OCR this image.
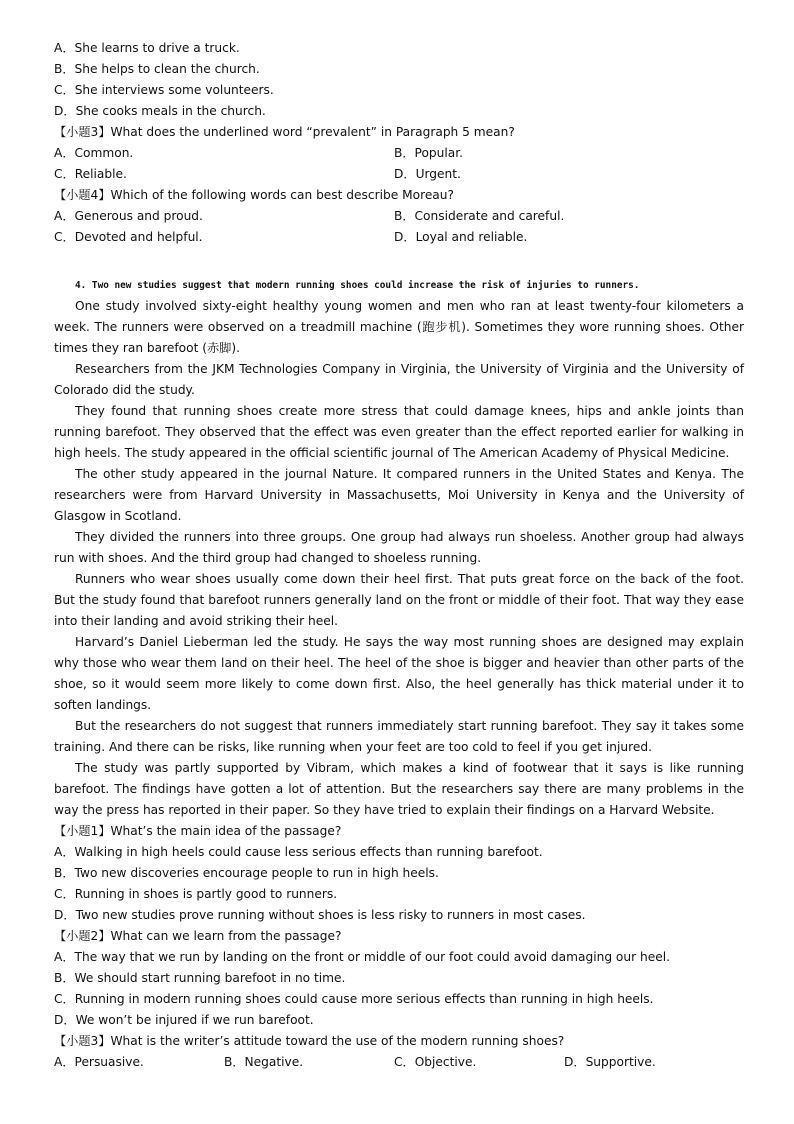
A．She learns to drive a truck.
B．She helps to clean the church.
C．She interviews some volunteers.
D．She cooks meals in the church.
【小题3】What does the underlined word “prevalent” in Paragraph 5 mean?
A．Common.	B．Popular.
C．Reliable.	D．Urgent.
【小题4】Which of the following words can best describe Moreau?
A．Generous and proud.	B．Considerate and careful.
C．Devoted and helpful.	D．Loyal and reliable.
4. Two new studies suggest that modern running shoes could increase the risk of injuries to runners.

One study involved sixty-eight healthy young women and men who ran at least twenty-four kilometers a week. The runners were observed on a treadmill machine (跑步机). Sometimes they wore running shoes. Other times they ran barefoot (赤脚).

Researchers from the JKM Technologies Company in Virginia, the University of Virginia and the University of Colorado did the study.

They found that running shoes create more stress that could damage knees, hips and ankle joints than running barefoot. They observed that the effect was even greater than the effect reported earlier for walking in high heels. The study appeared in the official scientific journal of The American Academy of Physical Medicine.

The other study appeared in the journal Nature. It compared runners in the United States and Kenya. The researchers were from Harvard University in Massachusetts, Moi University in Kenya and the University of Glasgow in Scotland.

They divided the runners into three groups. One group had always run shoeless. Another group had always run with shoes. And the third group had changed to shoeless running.

Runners who wear shoes usually come down their heel first. That puts great force on the back of the foot. But the study found that barefoot runners generally land on the front or middle of their foot. That way they ease into their landing and avoid striking their heel.

Harvard’s Daniel Lieberman led the study. He says the way most running shoes are designed may explain why those who wear them land on their heel. The heel of the shoe is bigger and heavier than other parts of the shoe, so it would seem more likely to come down first. Also, the heel generally has thick material under it to soften landings.

But the researchers do not suggest that runners immediately start running barefoot. They say it takes some training. And there can be risks, like running when your feet are too cold to feel if you get injured.

The study was partly supported by Vibram, which makes a kind of footwear that it says is like running barefoot. The findings have gotten a lot of attention. But the researchers say there are many problems in the way the press has reported in their paper. So they have tried to explain their findings on a Harvard Website.

【小题1】What’s the main idea of the passage?
A．Walking in high heels could cause less serious effects than running barefoot.
B．Two new discoveries encourage people to run in high heels.
C．Running in shoes is partly good to runners.
D．Two new studies prove running without shoes is less risky to runners in most cases.
【小题2】What can we learn from the passage?
A．The way that we run by landing on the front or middle of our foot could avoid damaging our heel.
B．We should start running barefoot in no time.
C．Running in modern running shoes could cause more serious effects than running in high heels.
D．We won’t be injured if we run barefoot.
【小题3】What is the writer’s attitude toward the use of the modern running shoes?
A．Persuasive.	B．Negative.	C．Objective.	D．Supportive.
